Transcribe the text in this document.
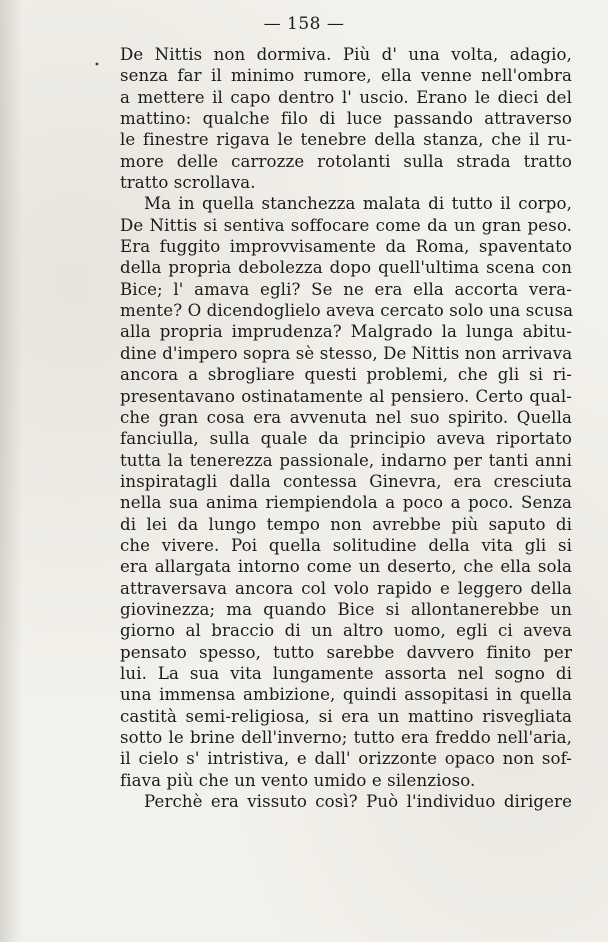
— 158 —
•
De Nittis non dormiva. Più d' una volta, adagio,
senza far il minimo rumore, ella venne nell'ombra
a mettere il capo dentro l' uscio. Erano le dieci del
mattino: qualche filo di luce passando attraverso
le finestre rigava le tenebre della stanza, che il ru-
more delle carrozze rotolanti sulla strada tratto
tratto scrollava.
Ma in quella stanchezza malata di tutto il corpo,
De Nittis si sentiva soffocare come da un gran peso.
Era fuggito improvvisamente da Roma, spaventato
della propria debolezza dopo quell'ultima scena con
Bice; l' amava egli? Se ne era ella accorta vera-
mente? O dicendoglielo aveva cercato solo una scusa
alla propria imprudenza? Malgrado la lunga abitu-
dine d'impero sopra sè stesso, De Nittis non arrivava
ancora a sbrogliare questi problemi, che gli si ri-
presentavano ostinatamente al pensiero. Certo qual-
che gran cosa era avvenuta nel suo spirito. Quella
fanciulla, sulla quale da principio aveva riportato
tutta la tenerezza passionale, indarno per tanti anni
inspiratagli dalla contessa Ginevra, era cresciuta
nella sua anima riempiendola a poco a poco. Senza
di lei da lungo tempo non avrebbe più saputo di
che vivere. Poi quella solitudine della vita gli si
era allargata intorno come un deserto, che ella sola
attraversava ancora col volo rapido e leggero della
giovinezza; ma quando Bice si allontanerebbe un
giorno al braccio di un altro uomo, egli ci aveva
pensato spesso, tutto sarebbe davvero finito per
lui. La sua vita lungamente assorta nel sogno di
una immensa ambizione, quindi assopitasi in quella
castità semi-religiosa, si era un mattino risvegliata
sotto le brine dell'inverno; tutto era freddo nell'aria,
il cielo s' intristiva, e dall' orizzonte opaco non sof-
fiava più che un vento umido e silenzioso.
Perchè era vissuto così? Può l'individuo dirigere
